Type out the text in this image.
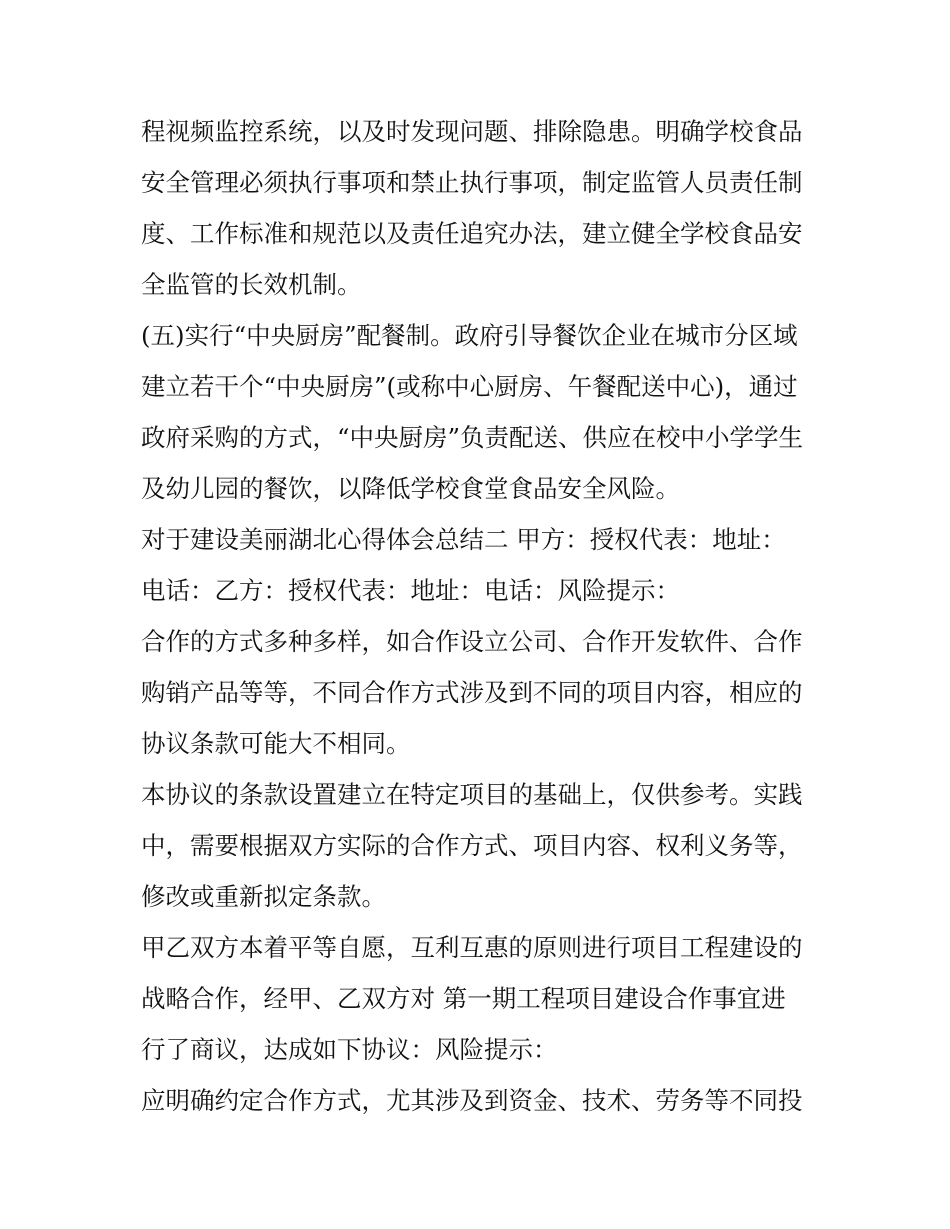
程视频监控系统，以及时发现问题、排除隐患。明确学校食品
安全管理必须执行事项和禁止执行事项，制定监管人员责任制
度、工作标准和规范以及责任追究办法，建立健全学校食品安
全监管的长效机制。
(五)实行“中央厨房”配餐制。政府引导餐饮企业在城市分区域
建立若干个“中央厨房”(或称中心厨房、午餐配送中心)，通过
政府采购的方式，“中央厨房”负责配送、供应在校中小学学生
及幼儿园的餐饮，以降低学校食堂食品安全风险。
对于建设美丽湖北心得体会总结二 甲方：授权代表：地址：
电话：乙方：授权代表：地址：电话：风险提示：
合作的方式多种多样，如合作设立公司、合作开发软件、合作
购销产品等等，不同合作方式涉及到不同的项目内容，相应的
协议条款可能大不相同。
本协议的条款设置建立在特定项目的基础上，仅供参考。实践
中，需要根据双方实际的合作方式、项目内容、权利义务等，
修改或重新拟定条款。
甲乙双方本着平等自愿，互利互惠的原则进行项目工程建设的
战略合作，经甲、乙双方对 第一期工程项目建设合作事宜进
行了商议，达成如下协议：风险提示：
应明确约定合作方式，尤其涉及到资金、技术、劳务等不同投
